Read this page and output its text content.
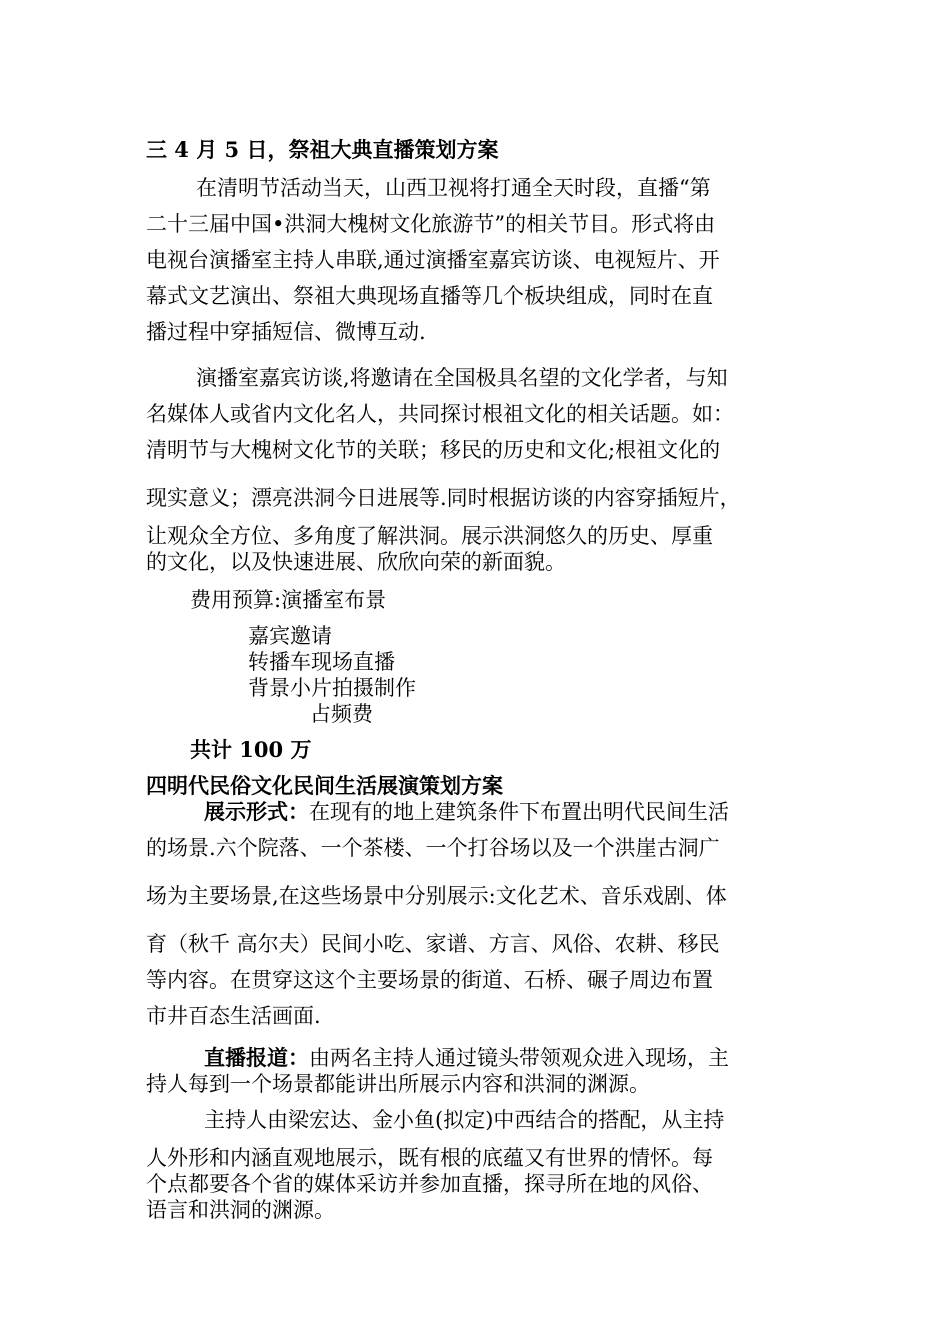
三 4 月 5 日，祭祖大典直播策划方案
在清明节活动当天，山西卫视将打通全天时段，直播“第
二十三届中国•洪洞大槐树文化旅游节”的相关节目。形式将由
电视台演播室主持人串联,通过演播室嘉宾访谈、电视短片、开
幕式文艺演出、祭祖大典现场直播等几个板块组成，同时在直
播过程中穿插短信、微博互动.
演播室嘉宾访谈,将邀请在全国极具名望的文化学者，与知
名媒体人或省内文化名人，共同探讨根祖文化的相关话题。如：
清明节与大槐树文化节的关联；移民的历史和文化;根祖文化的
现实意义；漂亮洪洞今日进展等.同时根据访谈的内容穿插短片，
让观众全方位、多角度了解洪洞。展示洪洞悠久的历史、厚重
的文化，以及快速进展、欣欣向荣的新面貌。
费用预算:演播室布景
嘉宾邀请
转播车现场直播
背景小片拍摄制作
占频费
共计 100 万
四明代民俗文化民间生活展演策划方案
展示形式：在现有的地上建筑条件下布置出明代民间生活
的场景.六个院落、一个茶楼、一个打谷场以及一个洪崖古洞广
场为主要场景,在这些场景中分别展示:文化艺术、音乐戏剧、体
育（秋千 高尔夫）民间小吃、家谱、方言、风俗、农耕、移民
等内容。在贯穿这这个主要场景的街道、石桥、碾子周边布置
市井百态生活画面.
直播报道：由两名主持人通过镜头带领观众进入现场，主
持人每到一个场景都能讲出所展示内容和洪洞的渊源。
主持人由梁宏达、金小鱼(拟定)中西结合的搭配，从主持
人外形和内涵直观地展示，既有根的底蕴又有世界的情怀。每
个点都要各个省的媒体采访并参加直播，探寻所在地的风俗、
语言和洪洞的渊源。
